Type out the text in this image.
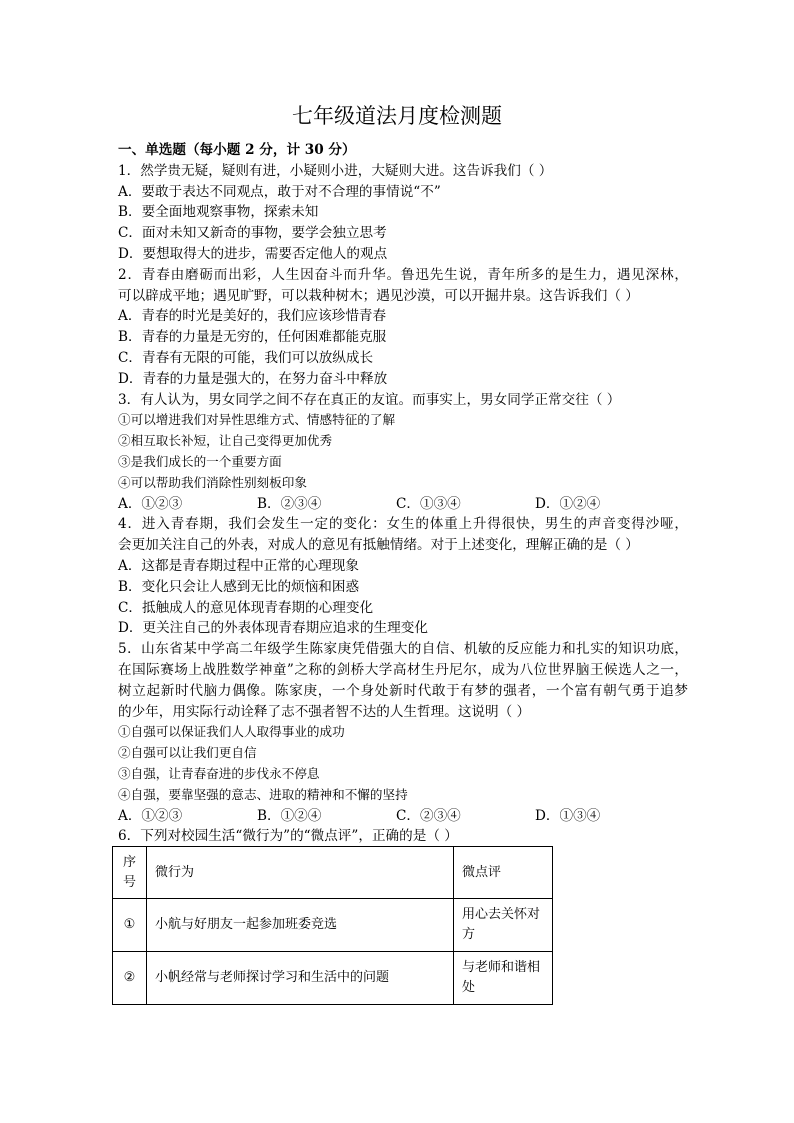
七年级道法月度检测题
一、单选题（每小题 2 分，计 30 分）
1．然学贵无疑，疑则有进，小疑则小进，大疑则大进。这告诉我们（ ）
A．要敢于表达不同观点，敢于对不合理的事情说“不”
B．要全面地观察事物，探索未知
C．面对未知又新奇的事物，要学会独立思考
D．要想取得大的进步，需要否定他人的观点
2．青春由磨砺而出彩，人生因奋斗而升华。鲁迅先生说，青年所多的是生力，遇见深林，
可以辟成平地；遇见旷野，可以栽种树木；遇见沙漠，可以开掘井泉。这告诉我们（ ）
A．青春的时光是美好的，我们应该珍惜青春
B．青春的力量是无穷的，任何困难都能克服
C．青春有无限的可能，我们可以放纵成长
D．青春的力量是强大的，在努力奋斗中释放
3．有人认为，男女同学之间不存在真正的友谊。而事实上，男女同学正常交往（ ）
①可以增进我们对异性思维方式、情感特征的了解
②相互取长补短，让自己变得更加优秀
③是我们成长的一个重要方面
④可以帮助我们消除性别刻板印象
A．①②③	B．②③④	C．①③④	D．①②④
4．进入青春期，我们会发生一定的变化：女生的体重上升得很快，男生的声音变得沙哑，
会更加关注自己的外表，对成人的意见有抵触情绪。对于上述变化，理解正确的是（ ）
A．这都是青春期过程中正常的心理现象
B．变化只会让人感到无比的烦恼和困惑
C．抵触成人的意见体现青春期的心理变化
D．更关注自己的外表体现青春期应追求的生理变化
5．山东省某中学高二年级学生陈家庚凭借强大的自信、机敏的反应能力和扎实的知识功底，
在国际赛场上战胜数学神童”之称的剑桥大学高材生丹尼尔，成为八位世界脑王候选人之一，
树立起新时代脑力偶像。陈家庚，一个身处新时代敢于有梦的强者，一个富有朝气勇于追梦
的少年，用实际行动诠释了志不强者智不达的人生哲理。这说明（ ）
①自强可以保证我们人人取得事业的成功
②自强可以让我们更自信
③自强，让青春奋进的步伐永不停息
④自强，要靠坚强的意志、进取的精神和不懈的坚持
A．①②③	B．①②④	C．②③④	D．①③④
6．下列对校园生活“微行为”的“微点评”，正确的是（ ）
序号	微行为	微点评
①	小航与好朋友一起参加班委竞选	用心去关怀对方
②	小帆经常与老师探讨学习和生活中的问题	与老师和谐相处
